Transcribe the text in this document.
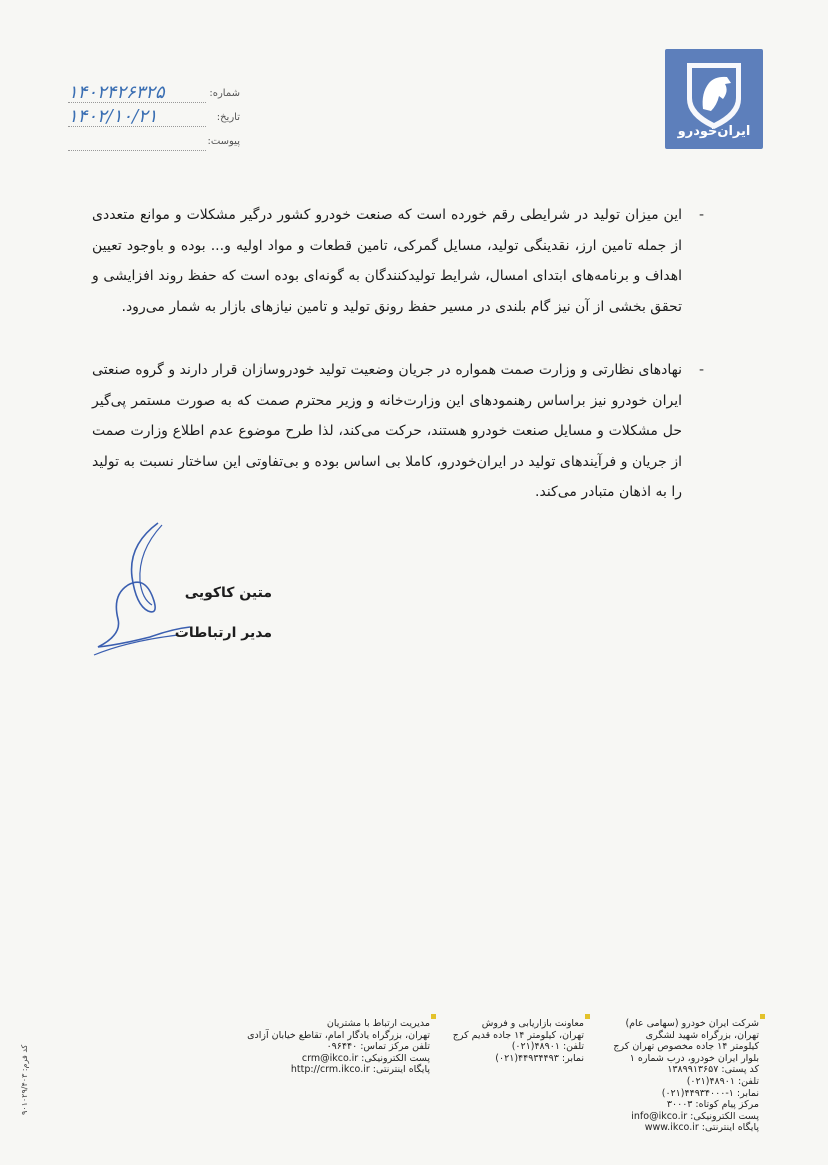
ایران‌خودرو
شماره:
۱۴۰۲۴۲۶۳۲۵
تاریخ:
۱۴۰۲/۱۰/۲۱
پیوست:

-
این میزان تولید در شرایطی رقم خورده است که صنعت خودرو کشور درگیر مشکلات و موانع متعددی از جمله تامین ارز، نقدینگی تولید، مسایل گمرکی، تامین قطعات و مواد اولیه و... بوده و باوجود تعیین اهداف و برنامه‌های ابتدای امسال، شرایط تولیدکنندگان به گونه‌ای بوده است که حفظ روند افزایشی و تحقق بخشی از آن نیز گام بلندی در مسیر حفظ رونق تولید و تامین نیازهای بازار به شمار می‌رود.

-
نهادهای نظارتی و وزارت صمت همواره در جریان وضعیت تولید خودروسازان قرار دارند و گروه صنعتی ایران خودرو نیز براساس رهنمودهای این وزارت‌خانه و وزیر محترم صمت که به صورت مستمر پی‌گیر حل مشکلات و مسایل صنعت خودرو هستند، حرکت می‌کند، لذا طرح موضوع عدم اطلاع وزارت صمت از جریان و فرآیندهای تولید در ایران‌خودرو، کاملا بی اساس بوده و بی‌تفاوتی این ساختار نسبت به تولید را به اذهان متبادر می‌کند.

متین کاکویی
مدیر ارتباطات
شرکت ایران خودرو (سهامی عام)
تهران، بزرگراه شهید لشگری
کیلومتر ۱۴ جاده مخصوص تهران کرج
بلوار ایران خودرو، درب شماره ۱
کد پستی: ۱۳۸۹۹۱۳۶۵۷
تلفن: ۴۸۹۰۱(۰۲۱)
نمابر: ۱-۴۴۹۳۴۰۰۰(۰۲۱)
مرکز پیام کوتاه: ۳۰۰۰۳
پست الکترونیکی: info@ikco.ir
پایگاه اینترنتی: www.ikco.ir
معاونت بازاریابی و فروش
تهران، کیلومتر ۱۴ جاده قدیم کرج
تلفن: ۴۸۹۰۱(۰۲۱)
نمابر: ۴۴۹۳۴۴۹۳(۰۲۱)
مدیریت ارتباط با مشتریان
تهران، بزرگراه یادگار امام، تقاطع خیابان آزادی
تلفن مرکز تماس: ۰۹۶۴۴۰
پست الکترونیکی: crm@ikco.ir
پایگاه اینترنتی: http://crm.ikco.ir
کد فرم: ۹۰۱۰۲۹/۴۰۳
